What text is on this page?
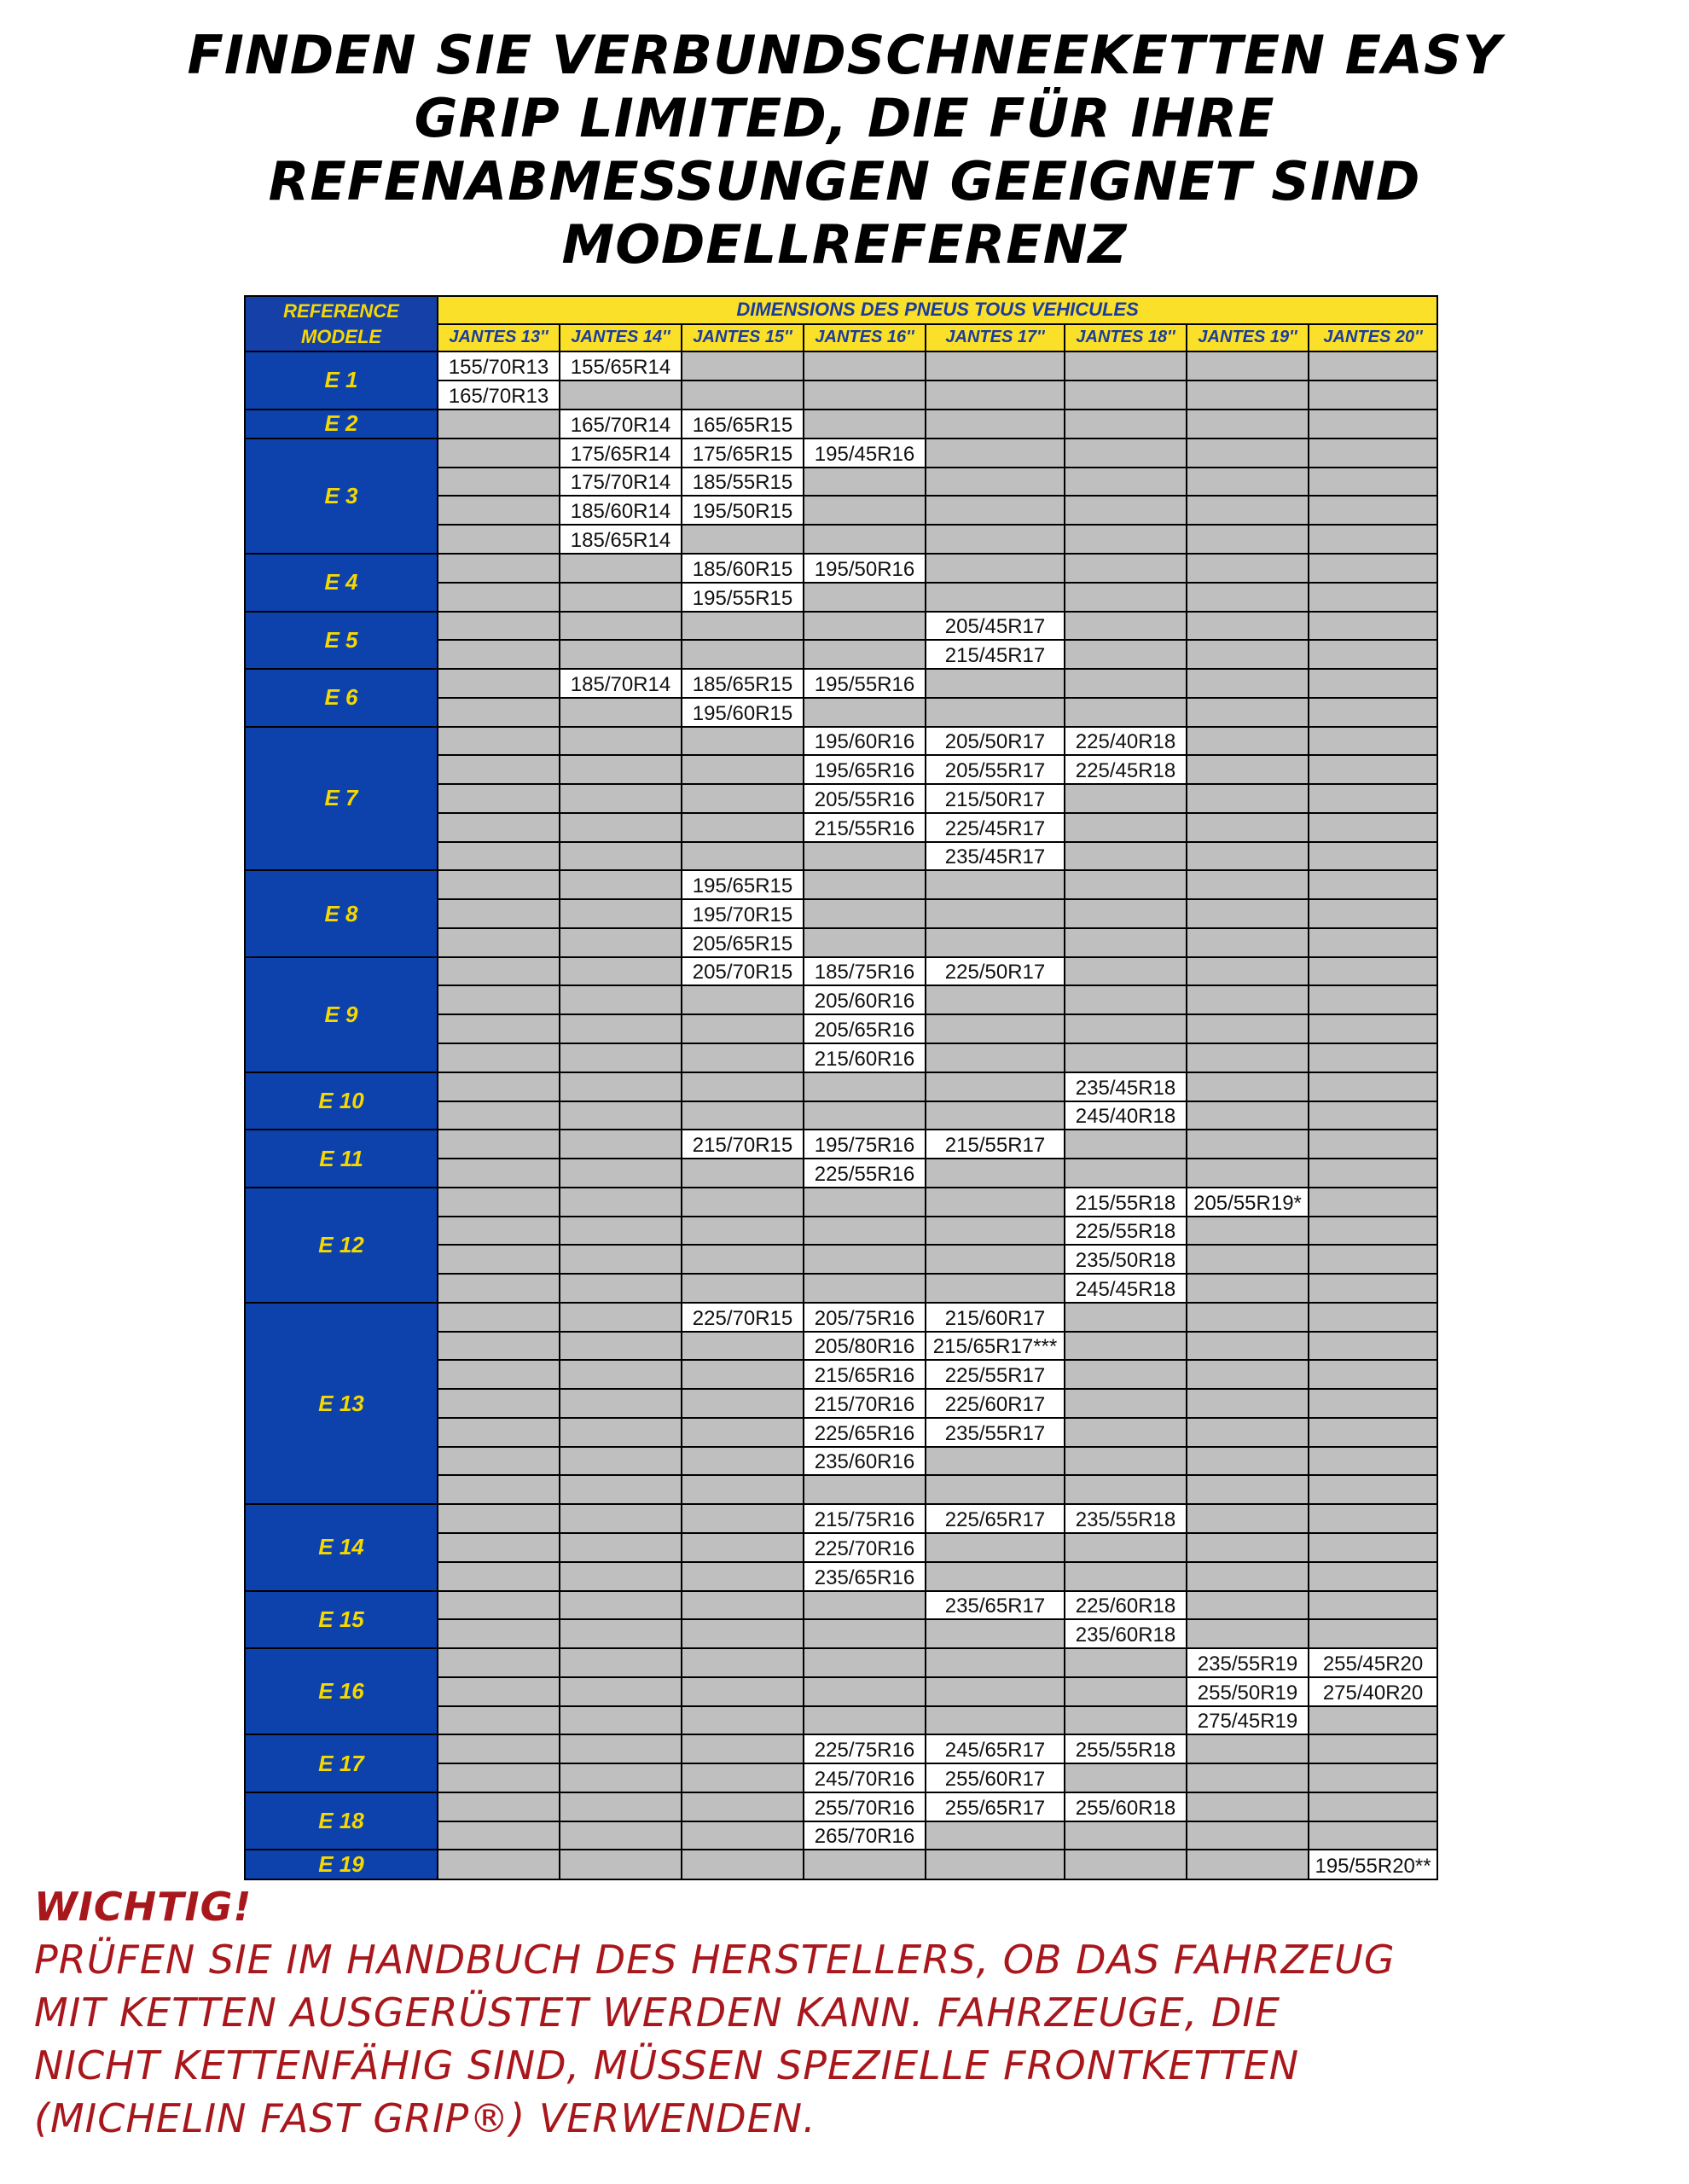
FINDEN SIE VERBUNDSCHNEEKETTEN EASY
GRIP LIMITED, DIE FÜR IHRE
REFENABMESSUNGEN GEEIGNET SIND
MODELLREFERENZ
REFERENCE
MODELE	DIMENSIONS DES PNEUS TOUS VEHICULES							
	JANTES 13''	JANTES 14''	JANTES 15''	JANTES 16''	JANTES 17''	JANTES 18''	JANTES 19''	JANTES 20''
E 1	155/70R13	155/65R14						
	165/70R13							
E 2		165/70R14	165/65R15					
E 3		175/65R14	175/65R15	195/45R16				
		175/70R14	185/55R15					
		185/60R14	195/50R15					
		185/65R14						
E 4			185/60R15	195/50R16				
			195/55R15					
E 5					205/45R17			
					215/45R17			
E 6		185/70R14	185/65R15	195/55R16				
			195/60R15					
E 7				195/60R16	205/50R17	225/40R18		
				195/65R16	205/55R17	225/45R18		
				205/55R16	215/50R17			
				215/55R16	225/45R17			
					235/45R17			
E 8			195/65R15					
			195/70R15					
			205/65R15					
E 9			205/70R15	185/75R16	225/50R17			
				205/60R16				
				205/65R16				
				215/60R16				
E 10						235/45R18		
						245/40R18		
E 11			215/70R15	195/75R16	215/55R17			
				225/55R16				
E 12						215/55R18	205/55R19*	
						225/55R18		
						235/50R18		
						245/45R18		
E 13			225/70R15	205/75R16	215/60R17			
				205/80R16	215/65R17***			
				215/65R16	225/55R17			
				215/70R16	225/60R17			
				225/65R16	235/55R17			
				235/60R16				

E 14				215/75R16	225/65R17	235/55R18		
				225/70R16				
				235/65R16				
E 15					235/65R17	225/60R18		
						235/60R18		
E 16							235/55R19	255/45R20
							255/50R19	275/40R20
							275/45R19	
E 17				225/75R16	245/65R17	255/55R18		
				245/70R16	255/60R17			
E 18				255/70R16	255/65R17	255/60R18		
				265/70R16				
E 19								195/55R20**
WICHTIG!
PRÜFEN SIE IM HANDBUCH DES HERSTELLERS, OB DAS FAHRZEUG
MIT KETTEN AUSGERÜSTET WERDEN KANN. FAHRZEUGE, DIE
NICHT KETTENFÄHIG SIND, MÜSSEN SPEZIELLE FRONTKETTEN
(MICHELIN FAST GRIP®) VERWENDEN.
